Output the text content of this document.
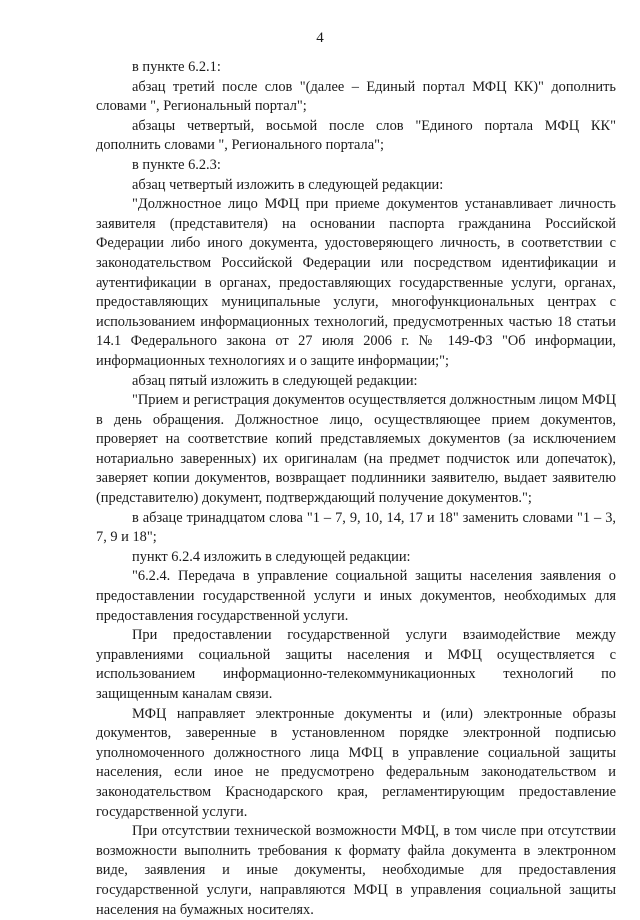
4

в пункте 6.2.1:

абзац третий после слов "(далее – Единый портал МФЦ КК)" дополнить словами ", Региональный портал";

абзацы четвертый, восьмой после слов "Единого портала МФЦ КК" дополнить словами ", Регионального портала";

в пункте 6.2.3:

абзац четвертый изложить в следующей редакции:

"Должностное лицо МФЦ при приеме документов устанавливает личность заявителя (представителя) на основании паспорта гражданина Российской Федерации либо иного документа, удостоверяющего личность, в соответствии с законодательством Российской Федерации или посредством идентификации и аутентификации в органах, предоставляющих государственные услуги, органах, предоставляющих муниципальные услуги, многофункциональных центрах с использованием информационных технологий, предусмотренных частью 18 статьи 14.1 Федерального закона от 27 июля 2006 г. № 149-ФЗ "Об информации, информационных технологиях и о защите информации;";

абзац пятый изложить в следующей редакции:

"Прием и регистрация документов осуществляется должностным лицом МФЦ в день обращения. Должностное лицо, осуществляющее прием документов, проверяет на соответствие копий представляемых документов (за исключением нотариально заверенных) их оригиналам (на предмет подчисток или допечаток), заверяет копии документов, возвращает подлинники заявителю, выдает заявителю (представителю) документ, подтверждающий получение документов.";

в абзаце тринадцатом слова "1 – 7, 9, 10, 14, 17 и 18" заменить словами "1 – 3, 7, 9 и 18";

пункт 6.2.4 изложить в следующей редакции:

"6.2.4. Передача в управление социальной защиты населения заявления о предоставлении государственной услуги и иных документов, необходимых для предоставления государственной услуги.

При предоставлении государственной услуги взаимодействие между управлениями социальной защиты населения и МФЦ осуществляется с использованием информационно-телекоммуникационных технологий по защищенным каналам связи.

МФЦ направляет электронные документы и (или) электронные образы документов, заверенные в установленном порядке электронной подписью уполномоченного должностного лица МФЦ в управление социальной защиты населения, если иное не предусмотрено федеральным законодательством и законодательством Краснодарского края, регламентирующим предоставление государственной услуги.

При отсутствии технической возможности МФЦ, в том числе при отсутствии возможности выполнить требования к формату файла документа в электронном виде, заявления и иные документы, необходимые для предоставления государственной услуги, направляются МФЦ в управления социальной защиты населения на бумажных носителях.
